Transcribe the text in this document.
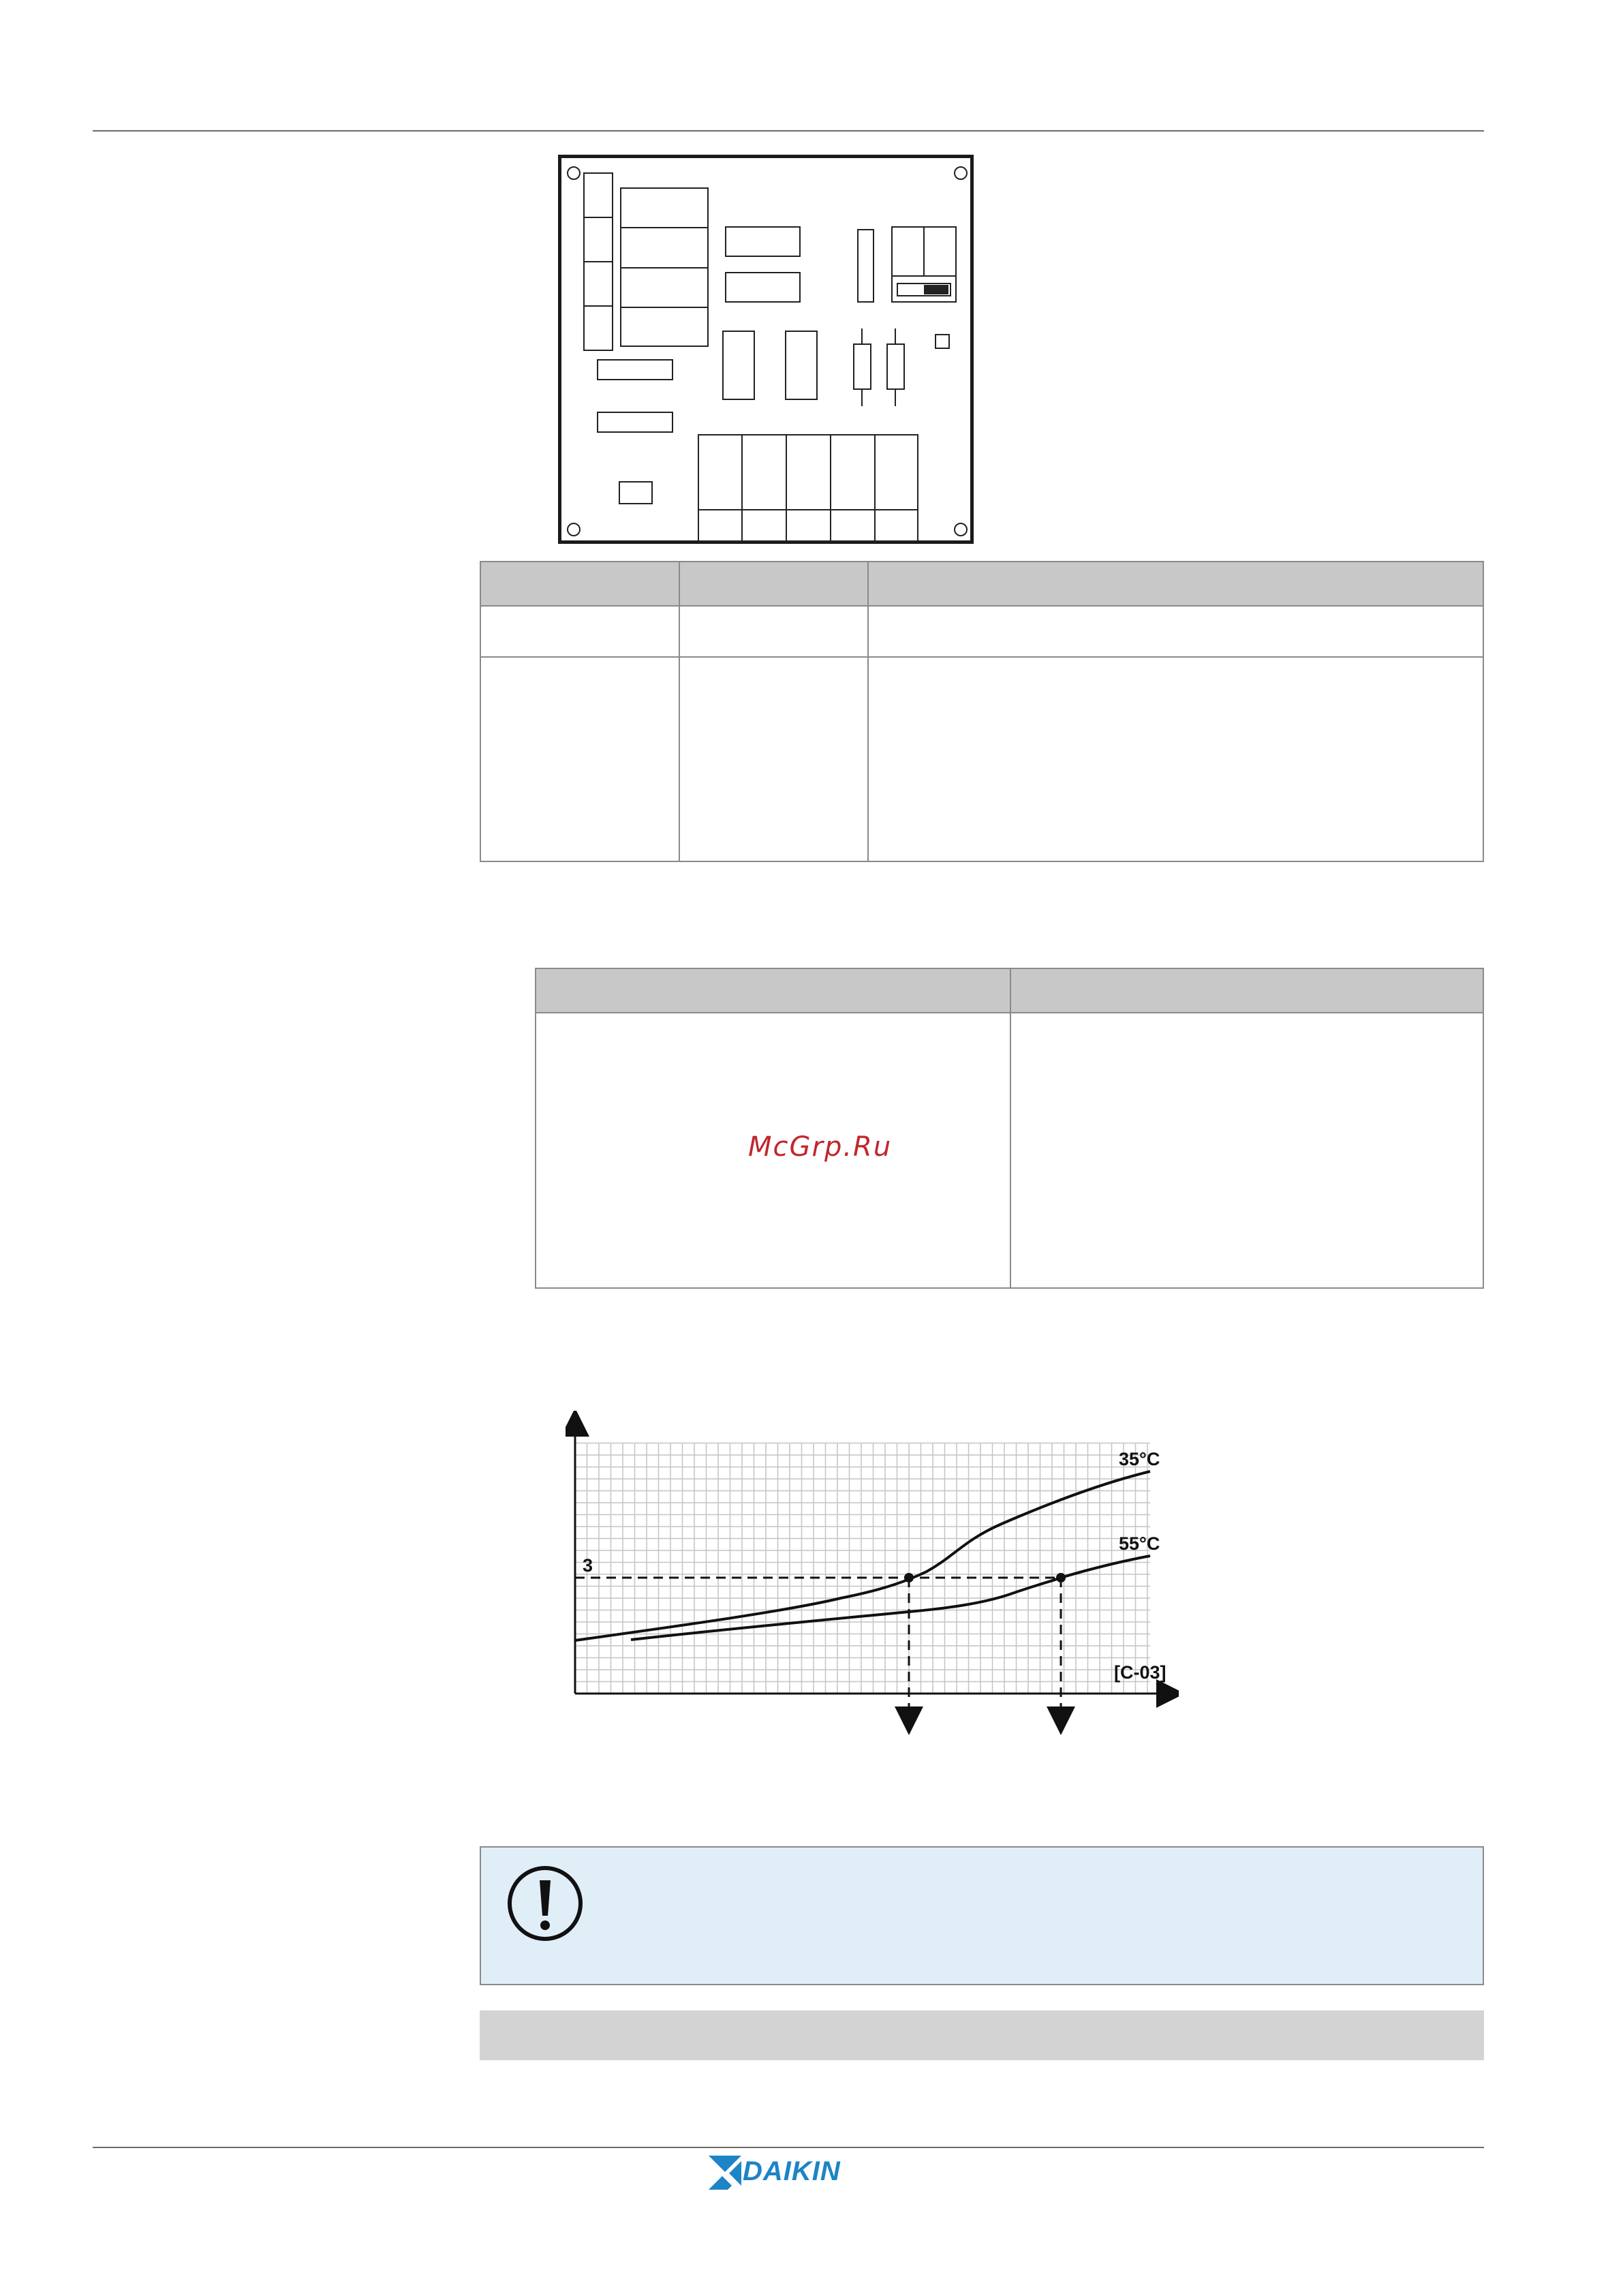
McGrp.Ru
3
35°C
55°C
[C-03]
DAIKIN
